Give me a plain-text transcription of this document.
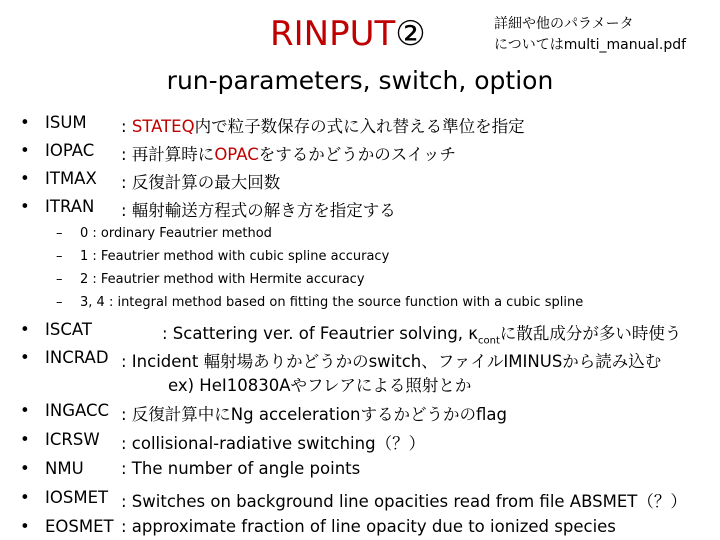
RINPUT②	詳細や他のパラメータ
についてはmulti_manual.pdf
run-parameters, switch, option
• ISUM : STATEQ内で粒子数保存の式に入れ替える準位を指定
• IOPAC : 再計算時にOPACをするかどうかのスイッチ
• ITMAX : 反復計算の最大回数
• ITRAN : 輻射輸送方程式の解き方を指定する
– 0 : ordinary Feautrier method
– 1 : Feautrier method with cubic spline accuracy
– 2 : Feautrier method with Hermite accuracy
– 3, 4 : integral method based on fitting the source function with a cubic spline
• ISCAT	: Scattering ver. of Feautrier solving, $\kappa_{cont}$に散乱成分が多い時使う
• INCRAD : Incident 輻射場ありかどうかのswitch、ファイルIMINUSから読み込む
ex) HeI10830Aやフレアによる照射とか
• INGACC : 反復計算中にNg accelerationするかどうかのflag
• ICRSW : collisional-radiative switching（？）
• NMU : The number of angle points
• IOSMET : Switches on background line opacities read from file ABSMET（？）
• EOSMET : approximate fraction of line opacity due to ionized species
